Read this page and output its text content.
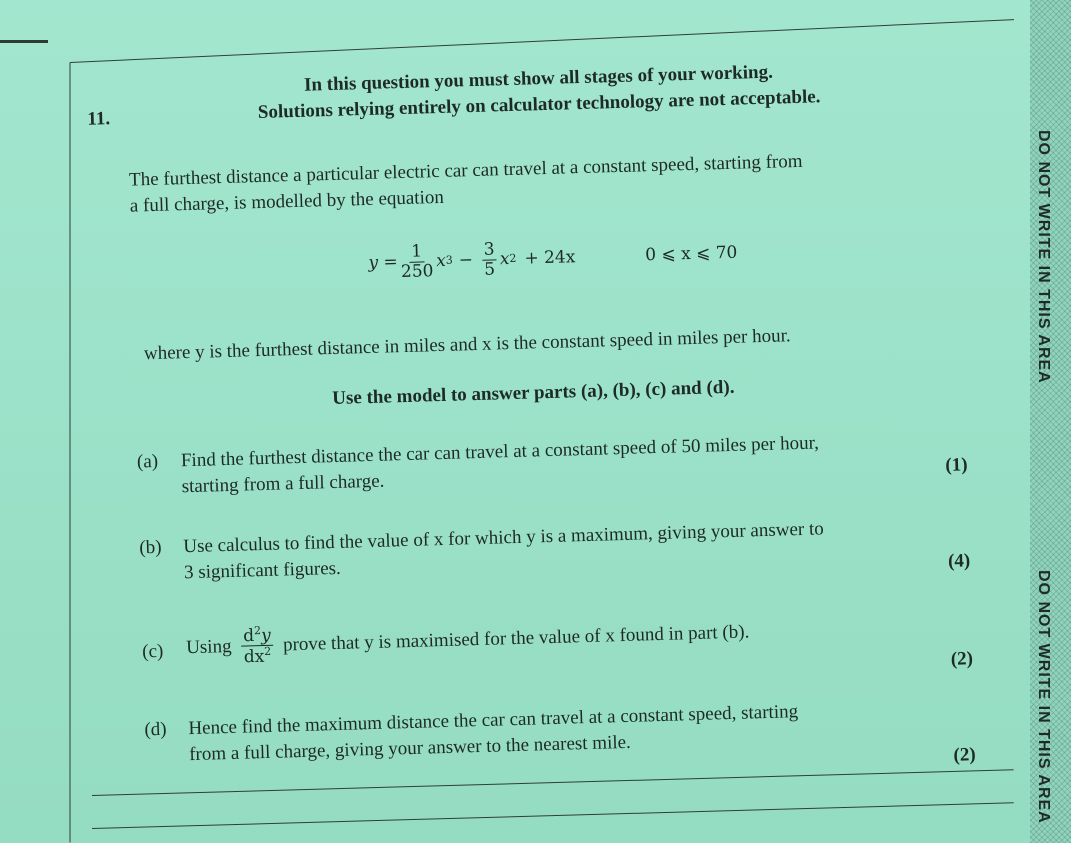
DO NOT WRITE IN THIS AREA
DO NOT WRITE IN THIS AREA
11.
In this question you must show all stages of your working.
Solutions relying entirely on calculator technology are not acceptable.
The furthest distance a particular electric car can travel at a constant speed, starting from
a full charge, is modelled by the equation
$y = \frac{1}{250}$ x $3 - \frac{3}{5}$ x 2 + 24x	0 ⩽ x ⩽ 70
where y is the furthest distance in miles and x is the constant speed in miles per hour.
Use the model to answer parts (a), (b), (c) and (d).
(a) Find the furthest distance the car can travel at a constant speed of 50 miles per hour,
starting from a full charge.
(1)
(b) Use calculus to find the value of x for which y is a maximum, giving your answer to
3 significant figures.	(4)
(c) Using $\frac{d^2y}{dx^2}$ prove that y is maximised for the value of x found in part (b).
(2)
(d) Hence find the maximum distance the car can travel at a constant speed, starting
from a full charge, giving your answer to the nearest mile.	(2)
